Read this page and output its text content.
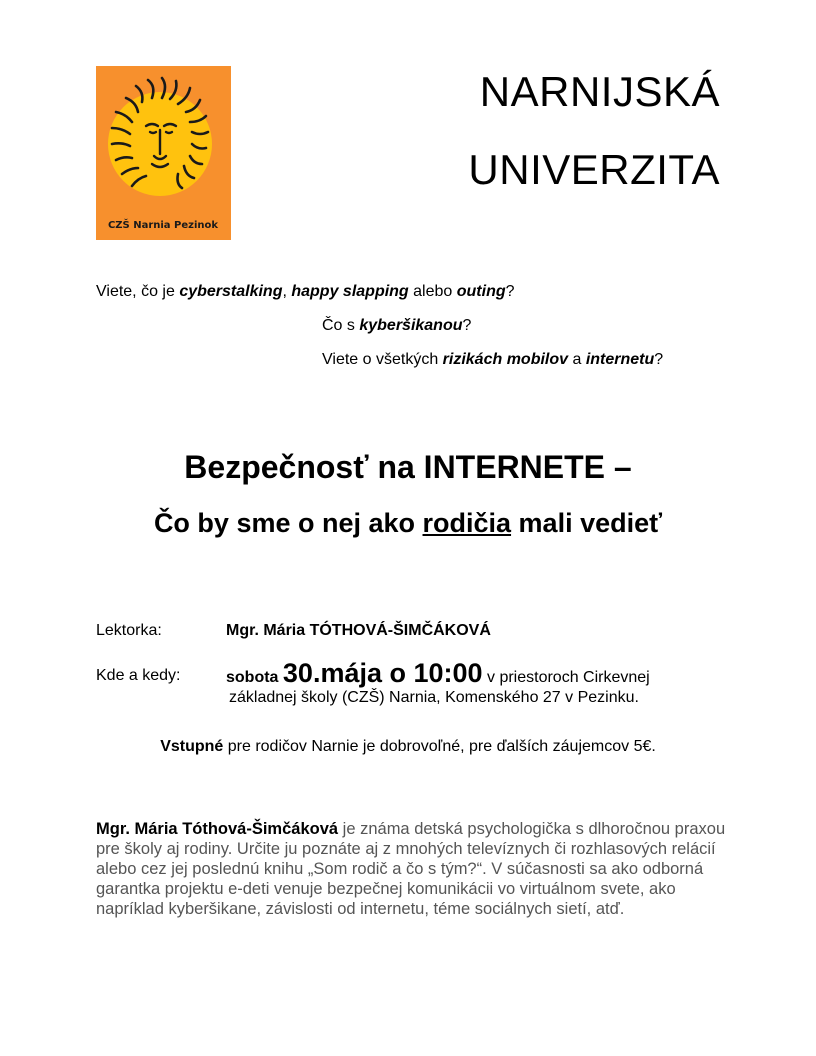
CZŠ Narnia Pezinok
NARNIJSKÁ
UNIVERZITA
Viete, čo je cyberstalking, happy slapping alebo outing?
Čo s kyberšikanou?
Viete o všetkých rizikách mobilov a internetu?
Bezpečnosť na INTERNETE –
Čo by sme o nej ako rodičia mali vedieť
Lektorka:	Mgr. Mária TÓTHOVÁ-ŠIMČÁKOVÁ
Kde a kedy:	sobota 30.mája o 10:00 v priestoroch Cirkevnej
základnej školy (CZŠ) Narnia, Komenského 27 v Pezinku.
Vstupné pre rodičov Narnie je dobrovoľné, pre ďalších záujemcov 5€.
Mgr. Mária Tóthová-Šimčáková je známa detská psychologička s dlhoročnou praxou pre školy aj rodiny. Určite ju poznáte aj z mnohých televíznych či rozhlasových relácií alebo cez jej poslednú knihu „Som rodič a čo s tým?“. V súčasnosti sa ako odborná garantka projektu e-deti venuje bezpečnej komunikácii vo virtuálnom svete, ako napríklad kyberšikane, závislosti od internetu, téme sociálnych sietí, atď.
